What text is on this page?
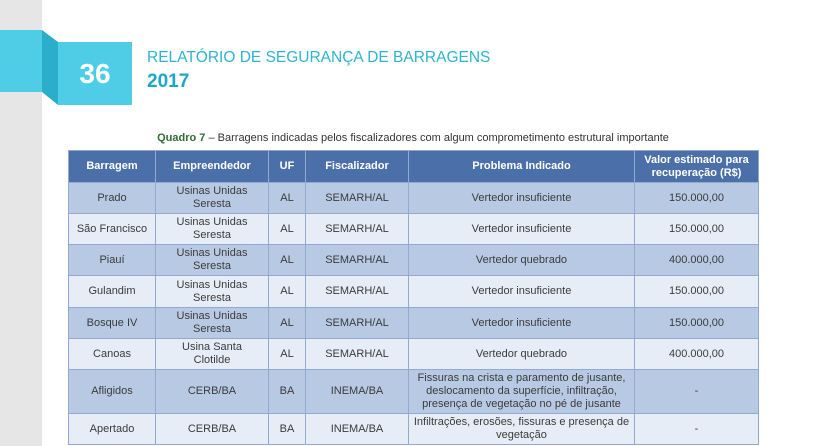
36	RELATÓRIO DE SEGURANÇA DE BARRAGENS
2017
Quadro 7 – Barragens indicadas pelos fiscalizadores com algum comprometimento estrutural importante
Barragem	Empreendedor	UF	Fiscalizador	Problema Indicado	Valor estimado para recuperação (R$)
Prado	Usinas Unidas Seresta	AL	SEMARH/AL	Vertedor insuficiente	150.000,00
São Francisco	Usinas Unidas Seresta	AL	SEMARH/AL	Vertedor insuficiente	150.000,00
Piauí	Usinas Unidas Seresta	AL	SEMARH/AL	Vertedor quebrado	400.000,00
Gulandim	Usinas Unidas Seresta	AL	SEMARH/AL	Vertedor insuficiente	150.000,00
Bosque IV	Usinas Unidas Seresta	AL	SEMARH/AL	Vertedor insuficiente	150.000,00
Canoas	Usina Santa Clotilde	AL	SEMARH/AL	Vertedor quebrado	400.000,00
Afligidos	CERB/BA	BA	INEMA/BA	Fissuras na crista e paramento de jusante, deslocamento da superfície, infiltração, presença de vegetação no pé de jusante	-
Apertado	CERB/BA	BA	INEMA/BA	Infiltrações, erosões, fissuras e presença de vegetação	-
